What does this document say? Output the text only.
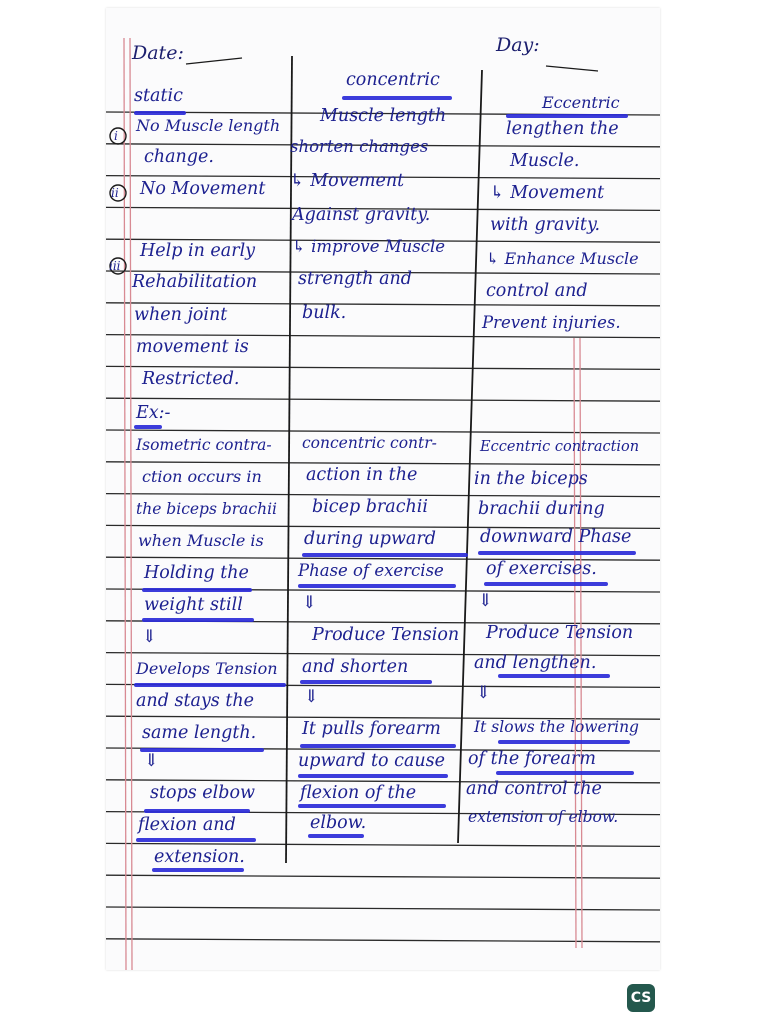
Date:	Day:
i
ii
iii
static
No Muscle length
change.
No Movement
Help in early
Rehabilitation
when joint
movement is
Restricted.
Ex:-
Isometric contra-
ction occurs in
the biceps brachii
when Muscle is
Holding the
weight still
⇓
Develops Tension
and stays the
same length.
⇓
stops elbow
flexion and
extension.
concentric
Muscle length
shorten changes
↳ Movement
Against gravity.
↳ improve Muscle
strength and
bulk.
concentric contr-
action in the
bicep brachii
during upward
Phase of exercise
⇓
Produce Tension
and shorten
⇓
It pulls forearm
upward to cause
flexion of the
elbow.
Eccentric
lengthen the
Muscle.
↳ Movement
with gravity.
↳ Enhance Muscle
control and
Prevent injuries.
Eccentric contraction
in the biceps
brachii during
downward Phase
of exercises.
⇓
Produce Tension
and lengthen.
⇓
It slows the lowering
of the forearm
and control the
extension of elbow.
CS
